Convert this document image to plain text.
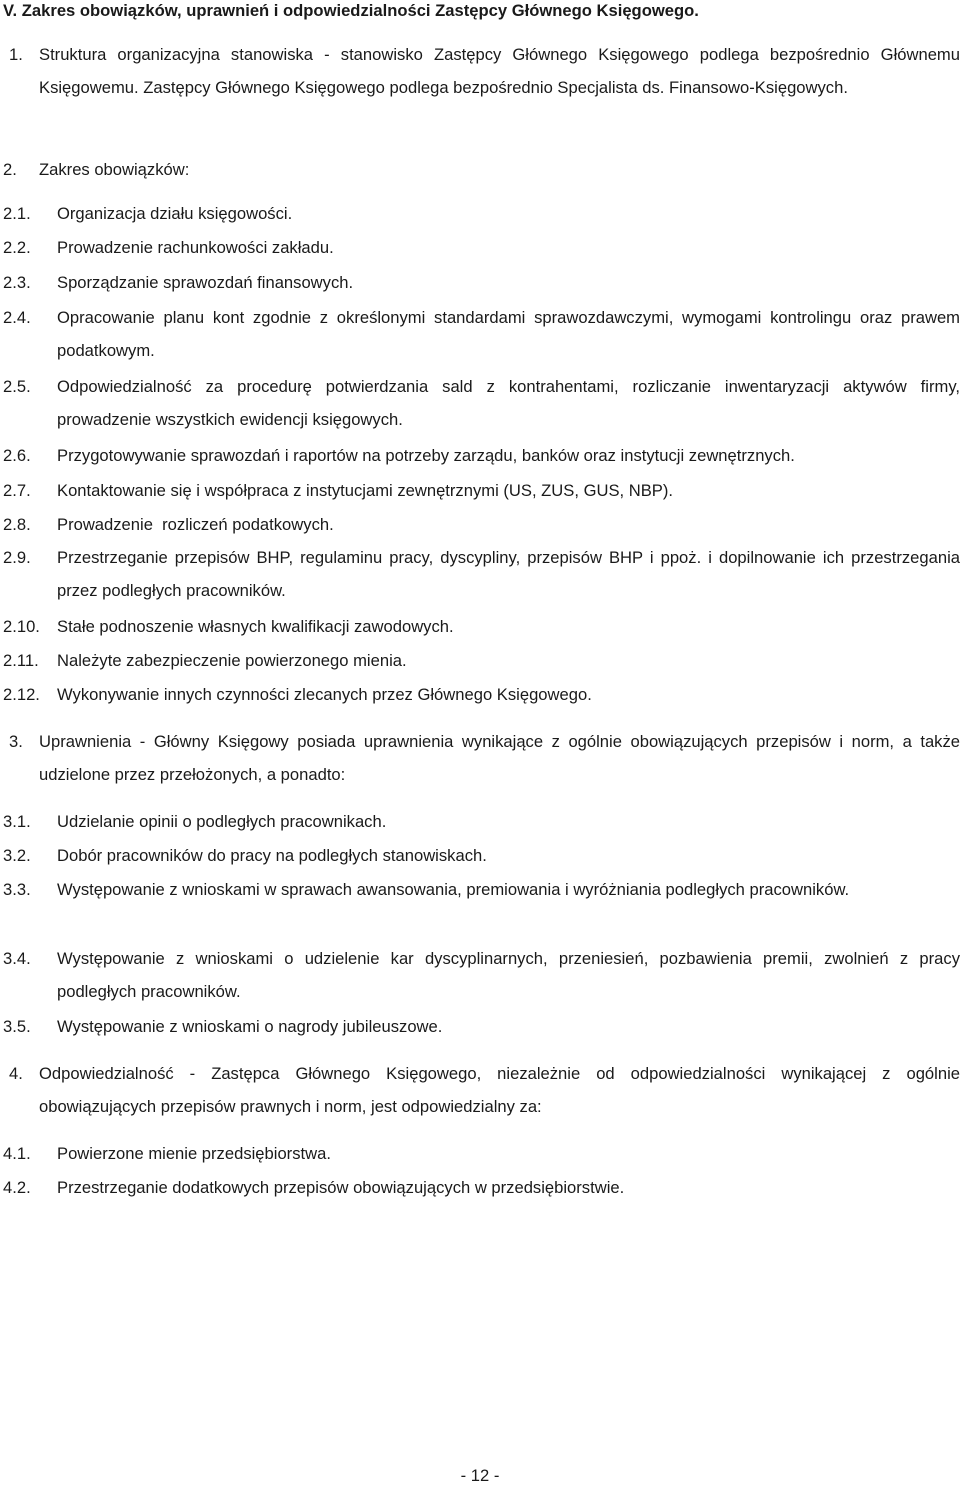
V. Zakres obowiązków, uprawnień i odpowiedzialności Zastępcy Głównego Księgowego.
1. Struktura organizacyjna stanowiska - stanowisko Zastępcy Głównego Księgowego podlega bezpośrednio Głównemu Księgowemu. Zastępcy Głównego Księgowego podlega bezpośrednio Specjalista ds. Finansowo-Księgowych.
2. Zakres obowiązków:
2.1. Organizacja działu księgowości.
2.2. Prowadzenie rachunkowości zakładu.
2.3. Sporządzanie sprawozdań finansowych.
2.4. Opracowanie planu kont zgodnie z określonymi standardami sprawozdawczymi, wymogami kontrolingu oraz prawem podatkowym.
2.5. Odpowiedzialność za procedurę potwierdzania sald z kontrahentami, rozliczanie inwentaryzacji aktywów firmy, prowadzenie wszystkich ewidencji księgowych.
2.6. Przygotowywanie sprawozdań i raportów na potrzeby zarządu, banków oraz instytucji zewnętrznych.
2.7. Kontaktowanie się i współpraca z instytucjami zewnętrznymi (US, ZUS, GUS, NBP).
2.8. Prowadzenie  rozliczeń podatkowych.
2.9. Przestrzeganie przepisów BHP, regulaminu pracy, dyscypliny, przepisów BHP i ppoż. i dopilnowanie ich przestrzegania przez podległych pracowników.
2.10. Stałe podnoszenie własnych kwalifikacji zawodowych.
2.11. Należyte zabezpieczenie powierzonego mienia.
2.12. Wykonywanie innych czynności zlecanych przez Głównego Księgowego.
3. Uprawnienia - Główny Księgowy posiada uprawnienia wynikające z ogólnie obowiązujących przepisów i norm, a także udzielone przez przełożonych, a ponadto:
3.1. Udzielanie opinii o podległych pracownikach.
3.2. Dobór pracowników do pracy na podległych stanowiskach.
3.3. Występowanie z wnioskami w sprawach awansowania, premiowania i wyróżniania podległych pracowników.
3.4. Występowanie z wnioskami o udzielenie kar dyscyplinarnych, przeniesień, pozbawienia premii, zwolnień z pracy podległych pracowników.
3.5. Występowanie z wnioskami o nagrody jubileuszowe.
4. Odpowiedzialność - Zastępca Głównego Księgowego, niezależnie od odpowiedzialności wynikającej z ogólnie obowiązujących przepisów prawnych i norm, jest odpowiedzialny za:
4.1. Powierzone mienie przedsiębiorstwa.
4.2. Przestrzeganie dodatkowych przepisów obowiązujących w przedsiębiorstwie.
- 12 -
